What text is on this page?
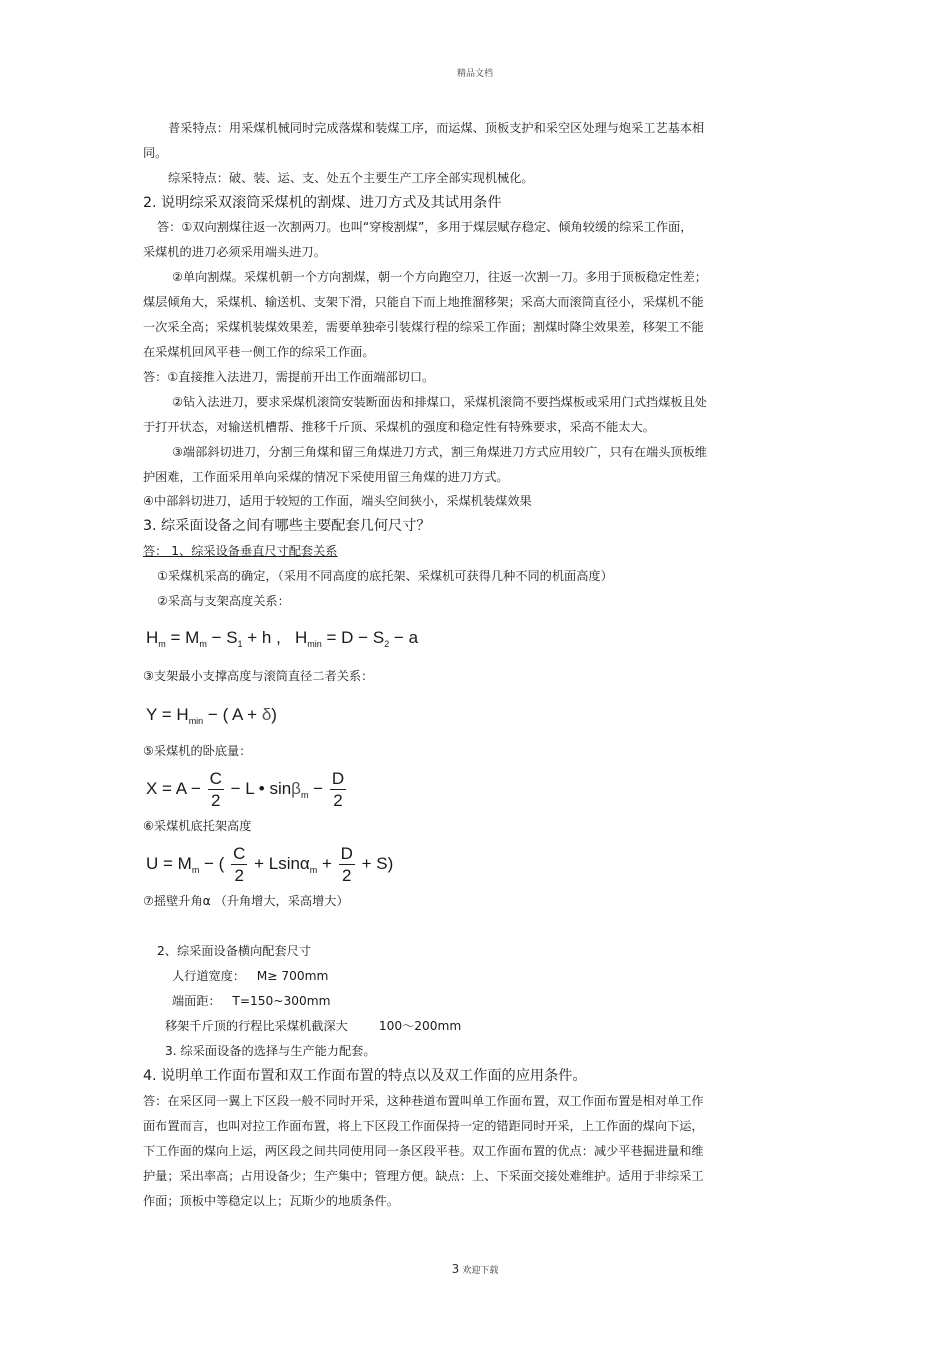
精品文档
普采特点：用采煤机械同时完成落煤和装煤工序，而运煤、顶板支护和采空区处理与炮采工艺基本相
同。
综采特点：破、装、运、支、处五个主要生产工序全部实现机械化。
2. 说明综采双滚筒采煤机的割煤、进刀方式及其试用条件
答：①双向割煤往返一次割两刀。也叫“穿梭割煤”，多用于煤层赋存稳定、倾角较缓的综采工作面，
采煤机的进刀必须采用端头进刀。
②单向割煤。采煤机朝一个方向割煤，朝一个方向跑空刀，往返一次割一刀。多用于顶板稳定性差；
煤层倾角大，采煤机、输送机、支架下滑，只能自下而上地推溜移架；采高大而滚筒直径小，采煤机不能
一次采全高；采煤机装煤效果差，需要单独牵引装煤行程的综采工作面；割煤时降尘效果差，移架工不能
在采煤机回风平巷一侧工作的综采工作面。
答：①直接推入法进刀，需提前开出工作面端部切口。
②钻入法进刀，要求采煤机滚筒安装断面齿和排煤口，采煤机滚筒不要挡煤板或采用门式挡煤板且处
于打开状态，对输送机槽帮、推移千斤顶、采煤机的强度和稳定性有特殊要求，采高不能太大。
③端部斜切进刀，分割三角煤和留三角煤进刀方式，割三角煤进刀方式应用较广，只有在端头顶板维
护困难，工作面采用单向采煤的情况下采使用留三角煤的进刀方式。
④中部斜切进刀，适用于较短的工作面，端头空间狭小，采煤机装煤效果
3. 综采面设备之间有哪些主要配套几何尺寸？
答： 1、综采设备垂直尺寸配套关系
①采煤机采高的确定，（采用不同高度的底托架、采煤机可获得几种不同的机面高度）
②采高与支架高度关系：
$H_m = M_m - S_1 + h$ ,   $H_{min} = D - S_2 - a$
③支架最小支撑高度与滚筒直径二者关系：
$Y = H_{min}$ − ( A + δ)
⑤采煤机的卧底量：
$X = A - \frac{C}{2} - L$ • $\sin\beta_m - \frac{D}{2}$
⑥采煤机底托架高度
$U = M_m$ − ( $\frac{C}{2} + Lsin\alpha_m + \frac{D}{2} + S$)
⑦摇壁升角α （升角增大，采高增大）
2、综采面设备横向配套尺寸
人行道宽度： M≥ 700mm
端面距： T=150~300mm
移架千斤顶的行程比采煤机截深大	100～200mm
3. 综采面设备的选择与生产能力配套。
4. 说明单工作面布置和双工作面布置的特点以及双工作面的应用条件。
答：在采区同一翼上下区段一般不同时开采，这种巷道布置叫单工作面布置，双工作面布置是相对单工作
面布置而言，也叫对拉工作面布置，将上下区段工作面保持一定的错距同时开采，上工作面的煤向下运，
下工作面的煤向上运，两区段之间共同使用同一条区段平巷。双工作面布置的优点：减少平巷掘进量和维
护量；采出率高；占用设备少；生产集中；管理方便。缺点：上、下采面交接处难维护。适用于非综采工
作面；顶板中等稳定以上；瓦斯少的地质条件。
3 欢迎下载
